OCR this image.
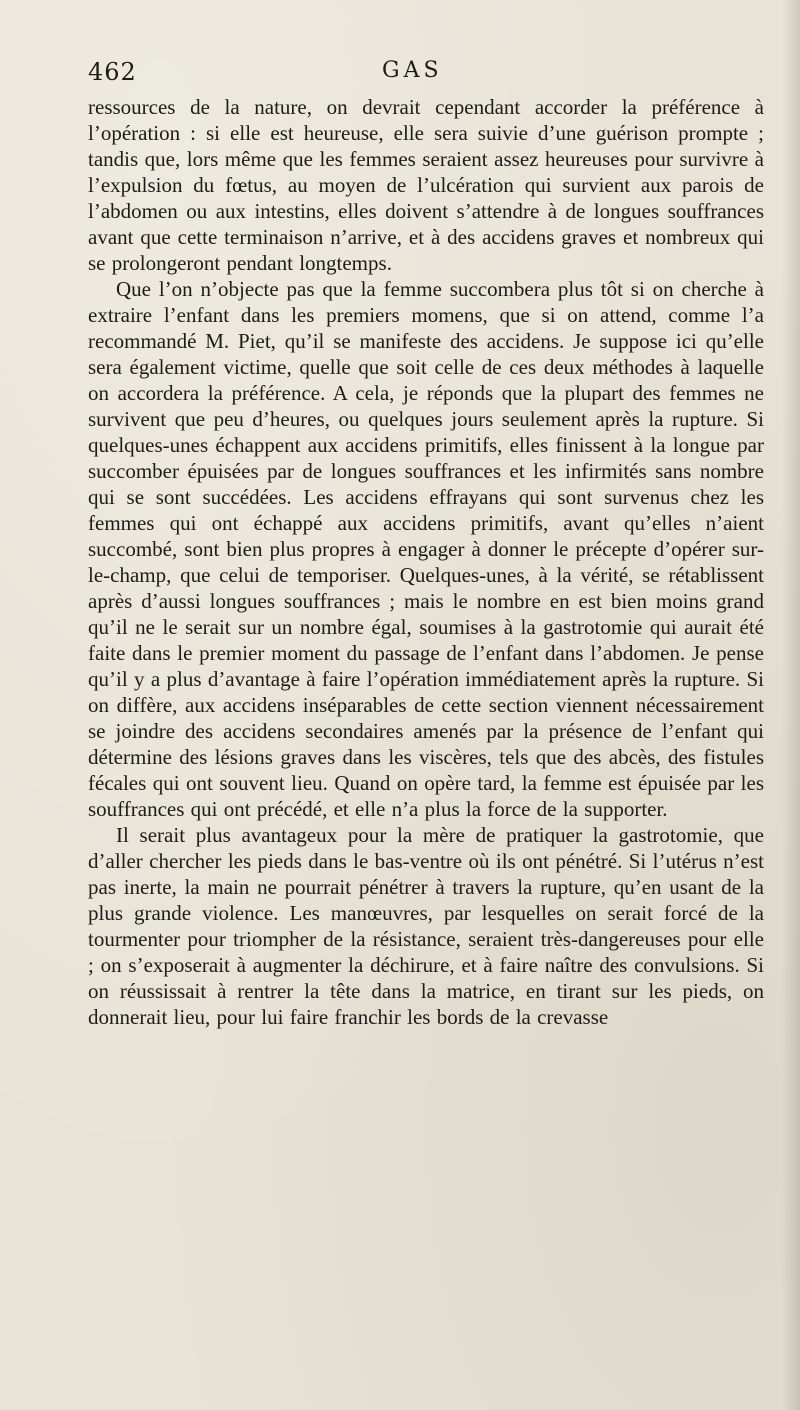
462	GAS

ressources de la nature, on devrait cependant accorder la préférence à l’opération : si elle est heureuse, elle sera suivie d’une guérison prompte ; tandis que, lors même que les femmes seraient assez heureuses pour survivre à l’expulsion du fœtus, au moyen de l’ulcération qui survient aux parois de l’abdomen ou aux intestins, elles doivent s’attendre à de longues souffrances avant que cette terminaison n’arrive, et à des accidens graves et nombreux qui se prolongeront pendant longtemps.

Que l’on n’objecte pas que la femme succombera plus tôt si on cherche à extraire l’enfant dans les premiers momens, que si on attend, comme l’a recommandé M. Piet, qu’il se manifeste des accidens. Je suppose ici qu’elle sera également victime, quelle que soit celle de ces deux méthodes à laquelle on accordera la préférence. A cela, je réponds que la plupart des femmes ne survivent que peu d’heures, ou quelques jours seulement après la rupture. Si quelques-unes échappent aux accidens primitifs, elles finissent à la longue par succomber épuisées par de longues souffrances et les infirmités sans nombre qui se sont succédées. Les accidens effrayans qui sont survenus chez les femmes qui ont échappé aux accidens primitifs, avant qu’elles n’aient succombé, sont bien plus propres à engager à donner le précepte d’opérer sur-le-champ, que celui de temporiser. Quelques-unes, à la vérité, se rétablissent après d’aussi longues souffrances ; mais le nombre en est bien moins grand qu’il ne le serait sur un nombre égal, soumises à la gastrotomie qui aurait été faite dans le premier moment du passage de l’enfant dans l’abdomen. Je pense qu’il y a plus d’avantage à faire l’opération immédiatement après la rupture. Si on diffère, aux accidens inséparables de cette section viennent nécessairement se joindre des accidens secondaires amenés par la présence de l’enfant qui détermine des lésions graves dans les viscères, tels que des abcès, des fistules fécales qui ont souvent lieu. Quand on opère tard, la femme est épuisée par les souffrances qui ont précédé, et elle n’a plus la force de la supporter.

Il serait plus avantageux pour la mère de pratiquer la gastrotomie, que d’aller chercher les pieds dans le bas-ventre où ils ont pénétré. Si l’utérus n’est pas inerte, la main ne pourrait pénétrer à travers la rupture, qu’en usant de la plus grande violence. Les manœuvres, par lesquelles on serait forcé de la tourmenter pour triompher de la résistance, seraient très-dangereuses pour elle ; on s’exposerait à augmenter la déchirure, et à faire naître des convulsions. Si on réussissait à rentrer la tête dans la matrice, en tirant sur les pieds, on donnerait lieu, pour lui faire franchir les bords de la crevasse
